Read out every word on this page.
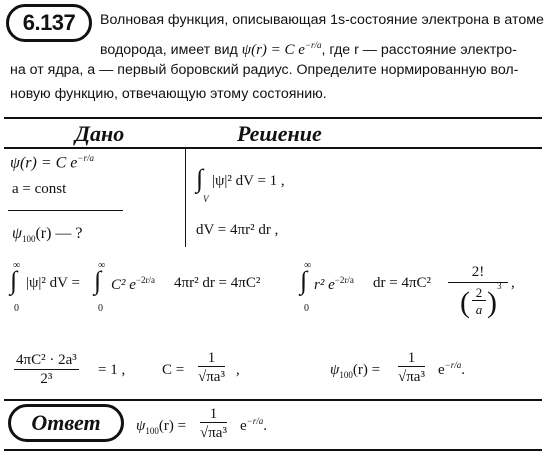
6.137 Волновая функция, описывающая 1s-состояние электрона в атоме
водорода, имеет вид ψ(r) = C $e^{-r/a}$, где r — расстояние электро-
на от ядра, a — первый боровский радиус. Определите нормированную вол-
новую функцию, отвечающую этому состоянию.
Дано	Решение
ψ(r) = C $e^{-r/a}$
a = const
$\psi_{100}(r)$ — ?
∫
V
|ψ|² dV = 1 ,
dV = 4πr² dr ,
∞
∫
0
|ψ|² dV =
∞
∫
0
C² $e^{-2r/a}$ 4πr² dr = 4πC²
∞
∫
0
r² $e^{-2r/a}$ dr = 4πC² 2!
( 2
a ) 3 ,
$\frac{\text{4πC² · 2a³}}{\text{2³}} = 1$ , $C = \frac{1}{\text{√πa³}}$ ,	$\psi_{100}(r) = \frac{1}{\text{√πa³}} e^{-r/a}$.
Ответ $\psi_{100}(r) = \frac{1}{\text{√πa³}} e^{-r/a}$.
